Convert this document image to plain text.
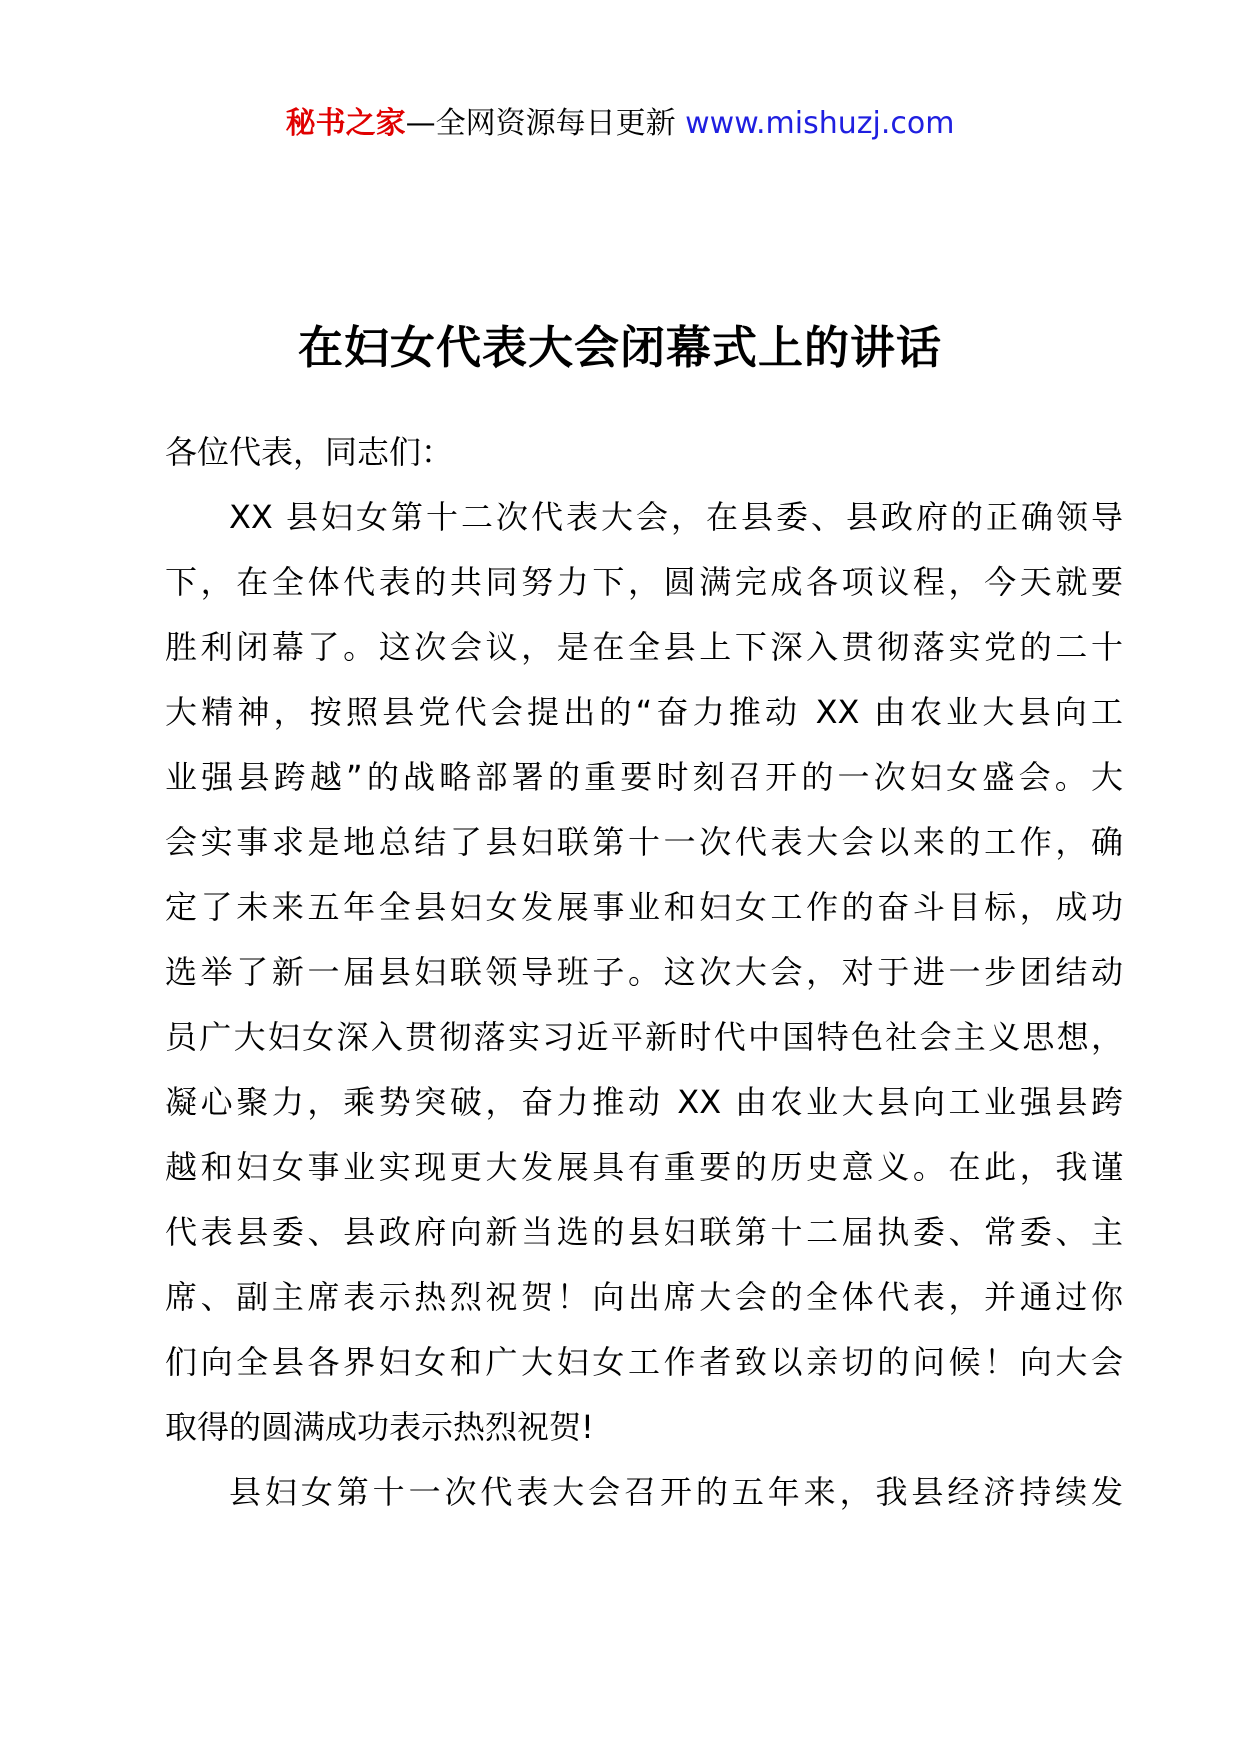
秘书之家—全网资源每日更新 www.mishuzj.com
在妇女代表大会闭幕式上的讲话

各位代表，同志们：

XX 县妇女第十二次代表大会，在县委、县政府的正确领导

下，在全体代表的共同努力下，圆满完成各项议程，今天就要

胜利闭幕了。这次会议，是在全县上下深入贯彻落实党的二十

大精神，按照县党代会提出的“奋力推动 XX 由农业大县向工

业强县跨越”的战略部署的重要时刻召开的一次妇女盛会。大

会实事求是地总结了县妇联第十一次代表大会以来的工作，确

定了未来五年全县妇女发展事业和妇女工作的奋斗目标，成功

选举了新一届县妇联领导班子。这次大会，对于进一步团结动

员广大妇女深入贯彻落实习近平新时代中国特色社会主义思想，

凝心聚力，乘势突破，奋力推动 XX 由农业大县向工业强县跨

越和妇女事业实现更大发展具有重要的历史意义。在此，我谨

代表县委、县政府向新当选的县妇联第十二届执委、常委、主

席、副主席表示热烈祝贺！向出席大会的全体代表，并通过你

们向全县各界妇女和广大妇女工作者致以亲切的问候！向大会

取得的圆满成功表示热烈祝贺!

县妇女第十一次代表大会召开的五年来，我县经济持续发
